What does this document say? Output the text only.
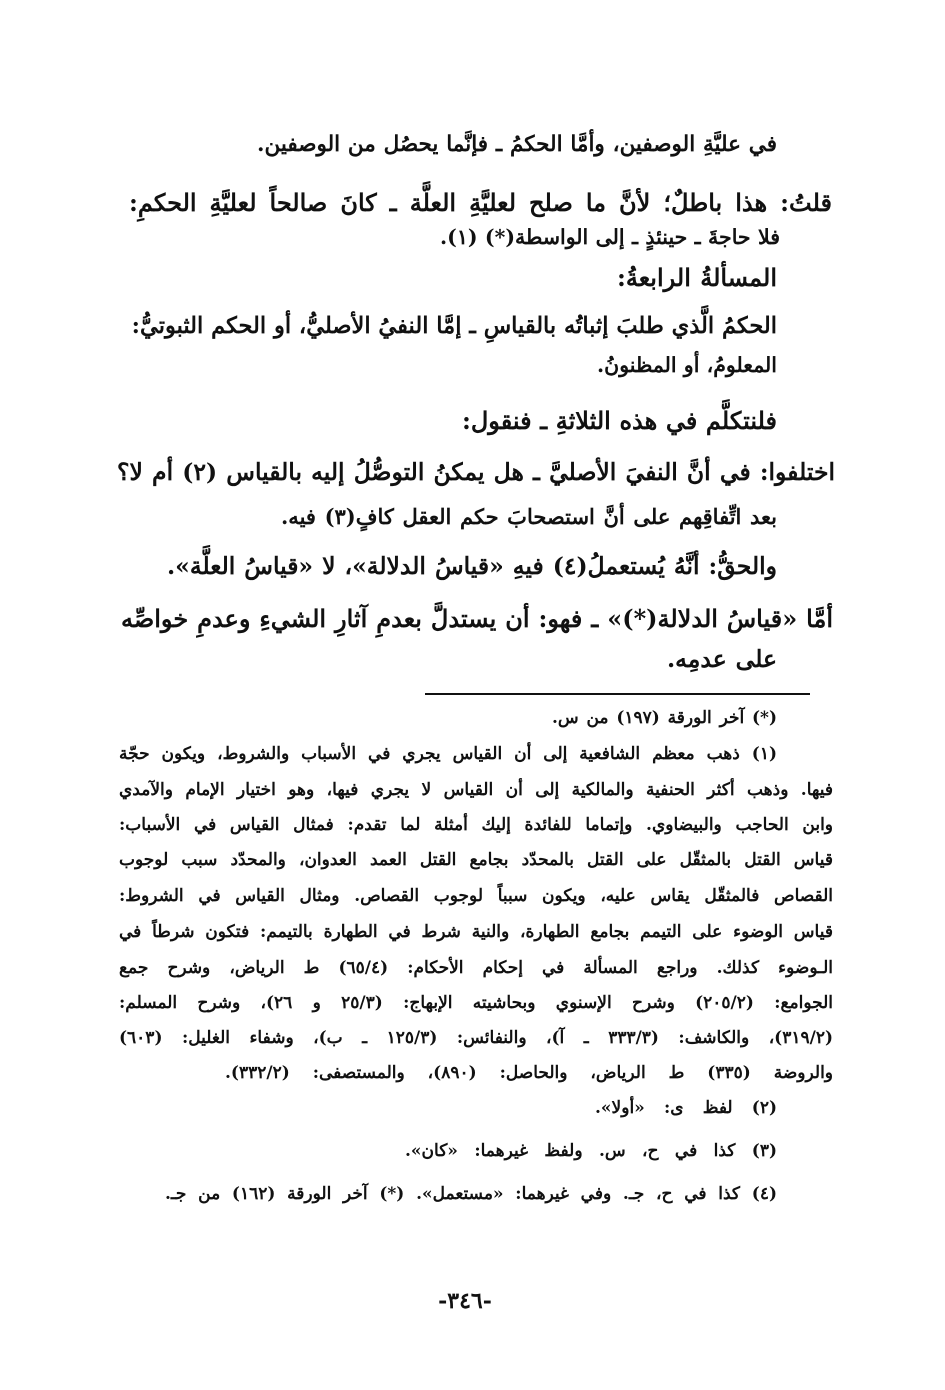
في عليَّةِ الوصفين، وأمَّا الحكمُ ـ فإنَّما يحصُل من الوصفين.
قلتُ: هذا باطلٌ؛ لأنَّ ما صلح لعليَّةِ العلَّة ـ كانَ صالحاً لعليَّةِ الحكمِ:
فلا حاجةَ ـ حينئذٍ ـ إلى الواسطة(*) (١).
المسألةُ الرابعةُ:
الحكمُ الَّذي طلبَ إثباتُه بالقياسِ ـ إمَّا النفيُ الأصليُّ، أو الحكم الثبوتيُّ:
المعلومُ، أو المظنونُ.
فلنتكلَّم في هذه الثلاثةِ ـ فنقول:
اختلفوا: في أنَّ النفيَ الأصليَّ ـ هل يمكنُ التوصُّلُ إليه بالقياس (٢) أم لا؟
بعد اتِّفاقِهم على أنَّ استصحابَ حكم العقل كافٍ(٣) فيه.
والحقُّ: أنَّهُ يُستعملُ(٤) فيهِ «قياسُ الدلالة»، لا «قياسُ العلَّة».
أمَّا «قياسُ الدلالة(*)» ـ فهو: أن يستدلَّ بعدمِ آثارِ الشيءِ وعدمِ خواصِّه
على عدمِه.
(*) آخر الورقة (١٩٧) من س.
(١) ذهب معظم الشافعية إلى أن القياس يجري في الأسباب والشروط، ويكون حجّة
فيها. وذهب أكثر الحنفية والمالكية إلى أن القياس لا يجري فيها، وهو اختيار الإمام والآمدي
وابن الحاجب والبيضاوي. وإتماما للفائدة إليك أمثلة لما تقدم: فمثال القياس في الأسباب:
قياس القتل بالمثقّل على القتل بالمحدّد بجامع القتل العمد العدوان، والمحدّد سبب لوجوب
القصاص فالمثقّل يقاس عليه، ويكون سبباً لوجوب القصاص. ومثال القياس في الشروط:
قياس الوضوء على التيمم بجامع الطهارة، والنية شرط في الطهارة بالتيمم: فتكون شرطاً في
الـوضوء كذلك. وراجع المسألة في إحكام الأحكام: (٦٥/٤) ط الرياض، وشرح جمع
الجوامع: (٢٠٥/٢) وشرح الإسنوي وبحاشيته الإبهاج: (٢٥/٣ و ٢٦)، وشرح المسلم:
(٣١٩/٢)، والكاشف: (٣٣٣/٣ ـ آ)، والنفائس: (١٢٥/٣ ـ ب)، وشفاء الغليل: (٦٠٣)
والروضة (٣٣٥) ط الرياض، والحاصل: (٨٩٠)، والمستصفى: (٣٣٢/٢).
(٢) لفظ ى: «أولا».
(٣) كذا في ح، س. ولفظ غيرهما: «كان».
(٤) كذا في ح، جـ. وفي غيرهما: «مستعمل». (*) آخر الورقة (١٦٢) من جـ.
-٣٤٦-
